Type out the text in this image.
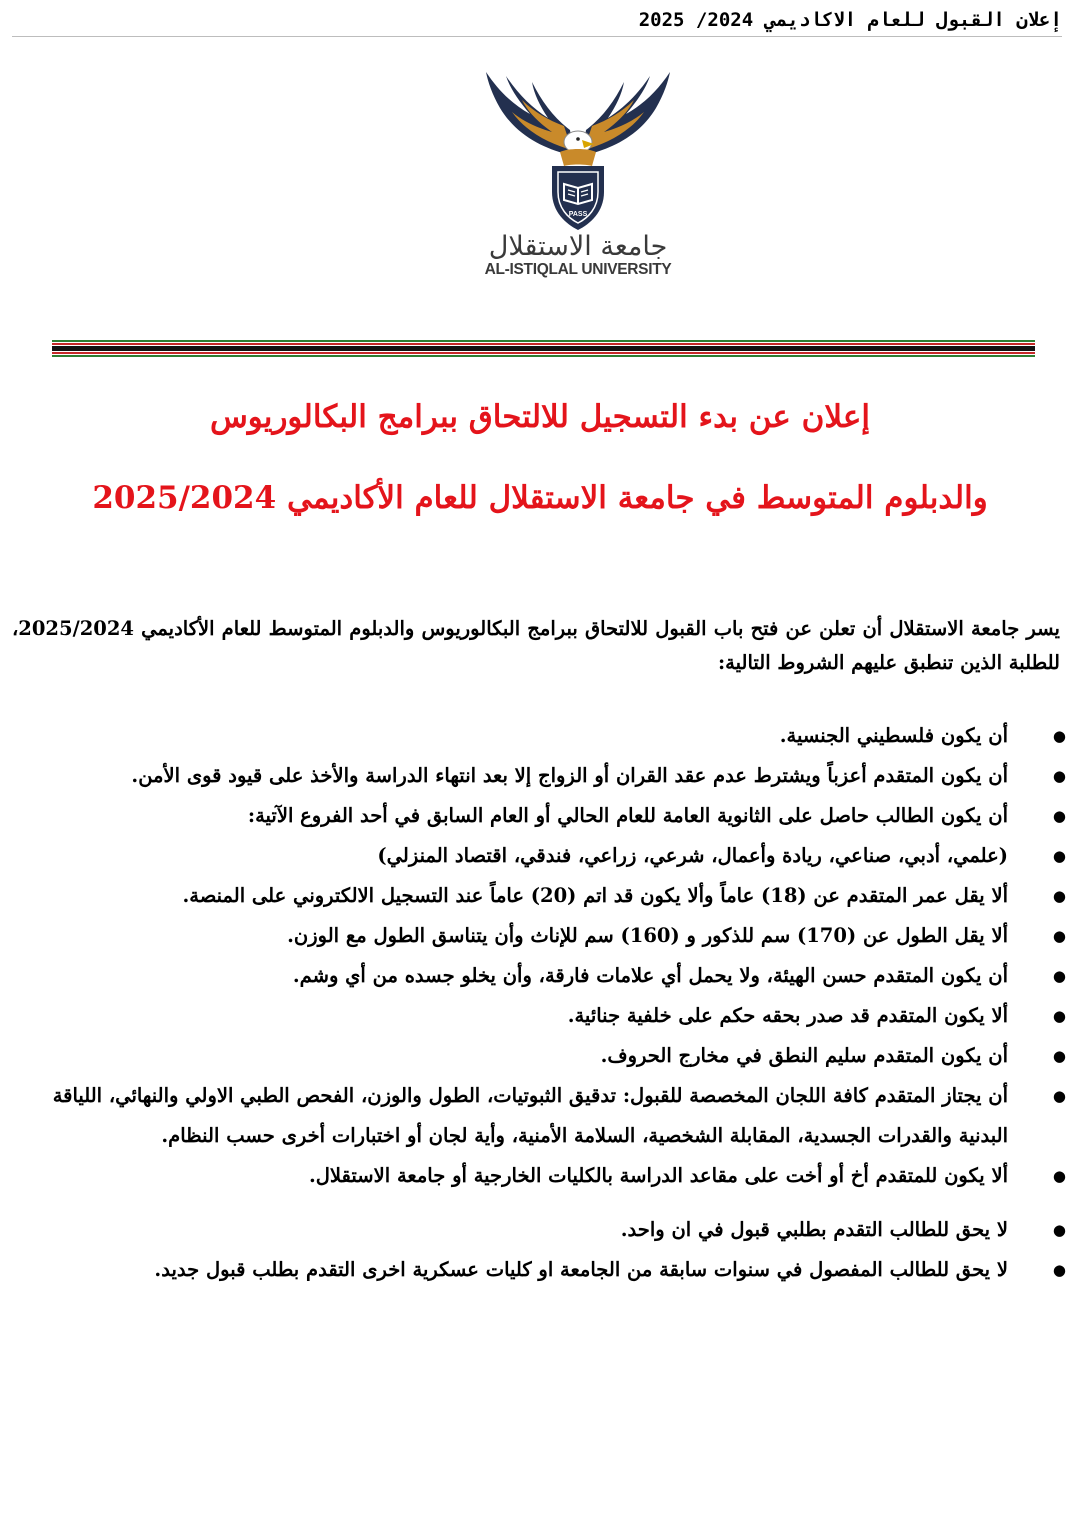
إعلان القبول للعام الاكاديمي 2024/ 2025
PASS
جامعة الاستقلال
AL-ISTIQLAL UNIVERSITY
إعلان عن بدء التسجيل للالتحاق ببرامج البكالوريوس
والدبلوم المتوسط في جامعة الاستقلال للعام الأكاديمي 2025/2024

يسر جامعة الاستقلال أن تعلن عن فتح باب القبول للالتحاق ببرامج البكالوريوس والدبلوم المتوسط للعام الأكاديمي 2025/2024، للطلبة الذين تنطبق عليهم الشروط التالية:

●
أن يكون فلسطيني الجنسية.
●
أن يكون المتقدم أعزباً ويشترط عدم عقد القران أو الزواج إلا بعد انتهاء الدراسة والأخذ على قيود قوى الأمن.
●
أن يكون الطالب حاصل على الثانوية العامة للعام الحالي أو العام السابق في أحد الفروع الآتية:
●
(علمي، أدبي، صناعي، ريادة وأعمال، شرعي، زراعي، فندقي، اقتصاد المنزلي)
●
ألا يقل عمر المتقدم عن (18) عاماً وألا يكون قد اتم (20) عاماً عند التسجيل الالكتروني على المنصة.
●
ألا يقل الطول عن (170) سم للذكور و (160) سم للإناث وأن يتناسق الطول مع الوزن.
●
أن يكون المتقدم حسن الهيئة، ولا يحمل أي علامات فارقة، وأن يخلو جسده من أي وشم.
●
ألا يكون المتقدم قد صدر بحقه حكم على خلفية جنائية.
●
أن يكون المتقدم سليم النطق في مخارج الحروف.
●
أن يجتاز المتقدم كافة اللجان المخصصة للقبول: تدقيق الثبوتيات، الطول والوزن، الفحص الطبي الاولي والنهائي، اللياقة البدنية والقدرات الجسدية، المقابلة الشخصية، السلامة الأمنية، وأية لجان أو اختبارات أخرى حسب النظام.
●
ألا يكون للمتقدم أخ أو أخت على مقاعد الدراسة بالكليات الخارجية أو جامعة الاستقلال.
●
لا يحق للطالب التقدم بطلبي قبول في ان واحد.
●
لا يحق للطالب المفصول في سنوات سابقة من الجامعة او كليات عسكرية اخرى التقدم بطلب قبول جديد.
